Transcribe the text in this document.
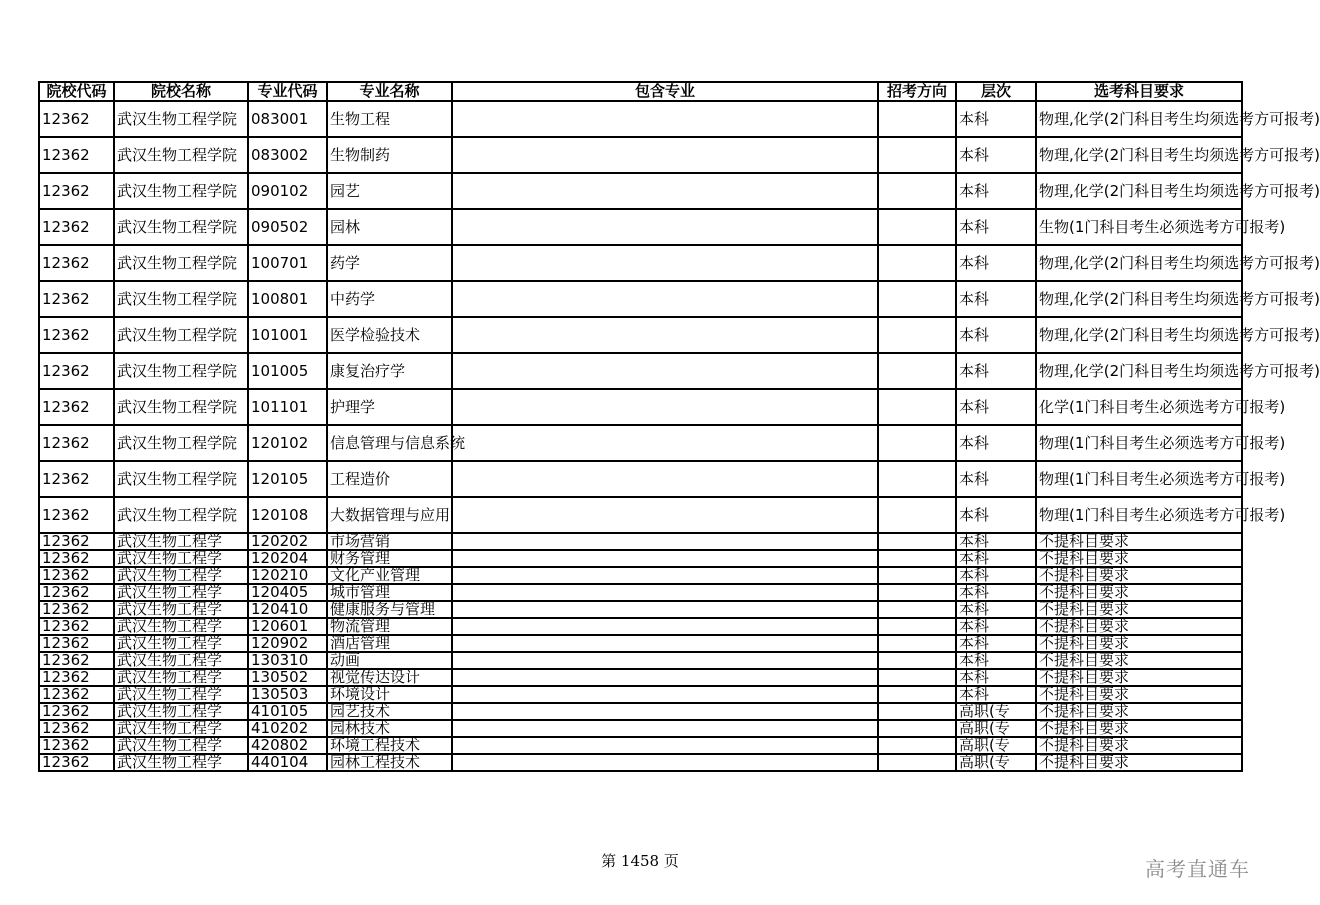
院校代码	院校名称	专业代码	专业名称	包含专业	招考方向	层次	选考科目要求
12362	武汉生物工程学院	083001	生物工程			本科	物理,化学(2门科目考生均须选考方可报考)
12362	武汉生物工程学院	083002	生物制药			本科	物理,化学(2门科目考生均须选考方可报考)
12362	武汉生物工程学院	090102	园艺			本科	物理,化学(2门科目考生均须选考方可报考)
12362	武汉生物工程学院	090502	园林			本科	生物(1门科目考生必须选考方可报考)
12362	武汉生物工程学院	100701	药学			本科	物理,化学(2门科目考生均须选考方可报考)
12362	武汉生物工程学院	100801	中药学			本科	物理,化学(2门科目考生均须选考方可报考)
12362	武汉生物工程学院	101001	医学检验技术			本科	物理,化学(2门科目考生均须选考方可报考)
12362	武汉生物工程学院	101005	康复治疗学			本科	物理,化学(2门科目考生均须选考方可报考)
12362	武汉生物工程学院	101101	护理学			本科	化学(1门科目考生必须选考方可报考)
12362	武汉生物工程学院	120102	信息管理与信息系统			本科	物理(1门科目考生必须选考方可报考)
12362	武汉生物工程学院	120105	工程造价			本科	物理(1门科目考生必须选考方可报考)
12362	武汉生物工程学院	120108	大数据管理与应用			本科	物理(1门科目考生必须选考方可报考)
12362	武汉生物工程学	120202	市场营销			本科	不提科目要求
12362	武汉生物工程学	120204	财务管理			本科	不提科目要求
12362	武汉生物工程学	120210	文化产业管理			本科	不提科目要求
12362	武汉生物工程学	120405	城市管理			本科	不提科目要求
12362	武汉生物工程学	120410	健康服务与管理			本科	不提科目要求
12362	武汉生物工程学	120601	物流管理			本科	不提科目要求
12362	武汉生物工程学	120902	酒店管理			本科	不提科目要求
12362	武汉生物工程学	130310	动画			本科	不提科目要求
12362	武汉生物工程学	130502	视觉传达设计			本科	不提科目要求
12362	武汉生物工程学	130503	环境设计			本科	不提科目要求
12362	武汉生物工程学	410105	园艺技术			高职(专	不提科目要求
12362	武汉生物工程学	410202	园林技术			高职(专	不提科目要求
12362	武汉生物工程学	420802	环境工程技术			高职(专	不提科目要求
12362	武汉生物工程学	440104	园林工程技术			高职(专	不提科目要求
第 1458 页	高考直通车
